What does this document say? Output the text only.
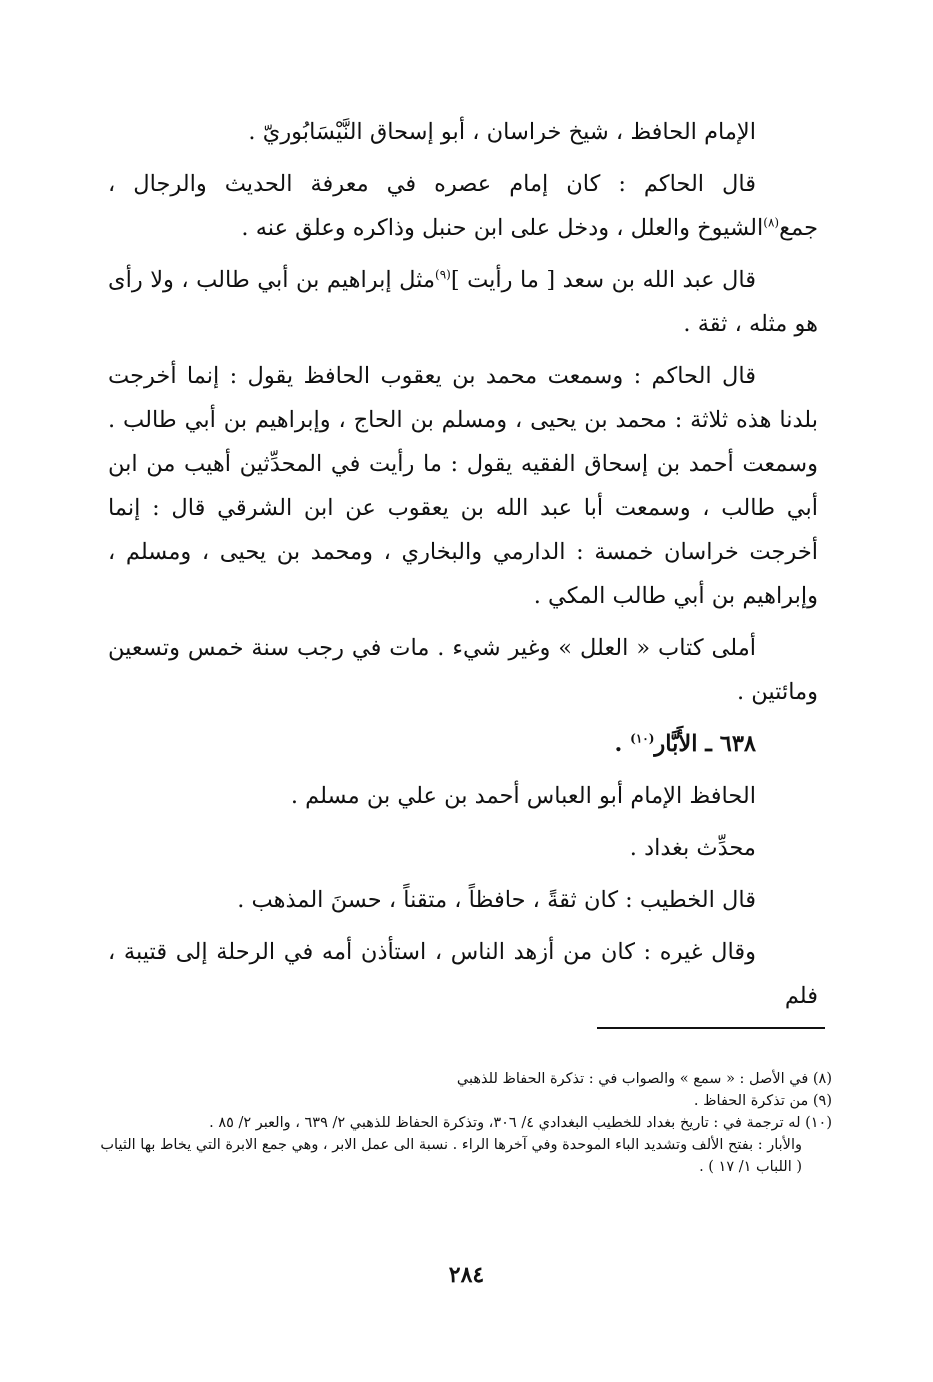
الإمام الحافظ ، شيخ خراسان ، أبو إسحاق النَّيْسَابُوريّ .

قال الحاكم : كان إمام عصره في معرفة الحديث والرجال ، جمع$^{(٨)}$الشيوخ والعلل ، ودخل على ابن حنبل وذاكره وعلق عنه .

قال عبد الله بن سعد [ ما رأيت ]$^{(٩)}$مثل إبراهيم بن أبي طالب ، ولا رأى هو مثله ، ثقة .

قال الحاكم : وسمعت محمد بن يعقوب الحافظ يقول : إنما أخرجت بلدنا هذه ثلاثة : محمد بن يحيى ، ومسلم بن الحاج ، وإبراهيم بن أبي طالب . وسمعت أحمد بن إسحاق الفقيه يقول : ما رأيت في المحدِّثين أهيب من ابن أبي طالب ، وسمعت أبا عبد الله بن يعقوب عن ابن الشرقي قال : إنما أخرجت خراسان خمسة : الدارمي والبخاري ، ومحمد بن يحيى ، ومسلم ، وإبراهيم بن أبي طالب المكي .

أملى كتاب « العلل » وغير شيء . مات في رجب سنة خمس وتسعين ومائتين .

٦٣٨ ـ الأَبَّار$^{(١٠)}$ .

الحافظ الإمام أبو العباس أحمد بن علي بن مسلم .

محدِّث بغداد .

قال الخطيب : كان ثقةً ، حافظاً ، متقناً ، حسنَ المذهب .

وقال غيره : كان من أزهد الناس ، استأذن أمه في الرحلة إلى قتيبة ، فلم

(٨) في الأصل : « سمع » والصواب في : تذكرة الحفاظ للذهبي

(٩) من تذكرة الحفاظ .

(١٠) له ترجمة في : تاريخ بغداد للخطيب البغدادي ٤/ ٣٠٦، وتذكرة الحفاظ للذهبي ٢/ ٦٣٩ ، والعبر ٢/ ٨٥ .

والأبار : بفتح الألف وتشديد الباء الموحدة وفي آخرها الراء . نسبة الى عمل الابر ، وهي جمع الابرة التي يخاط بها الثياب ( اللباب ١/ ١٧ ) .

٢٨٤
